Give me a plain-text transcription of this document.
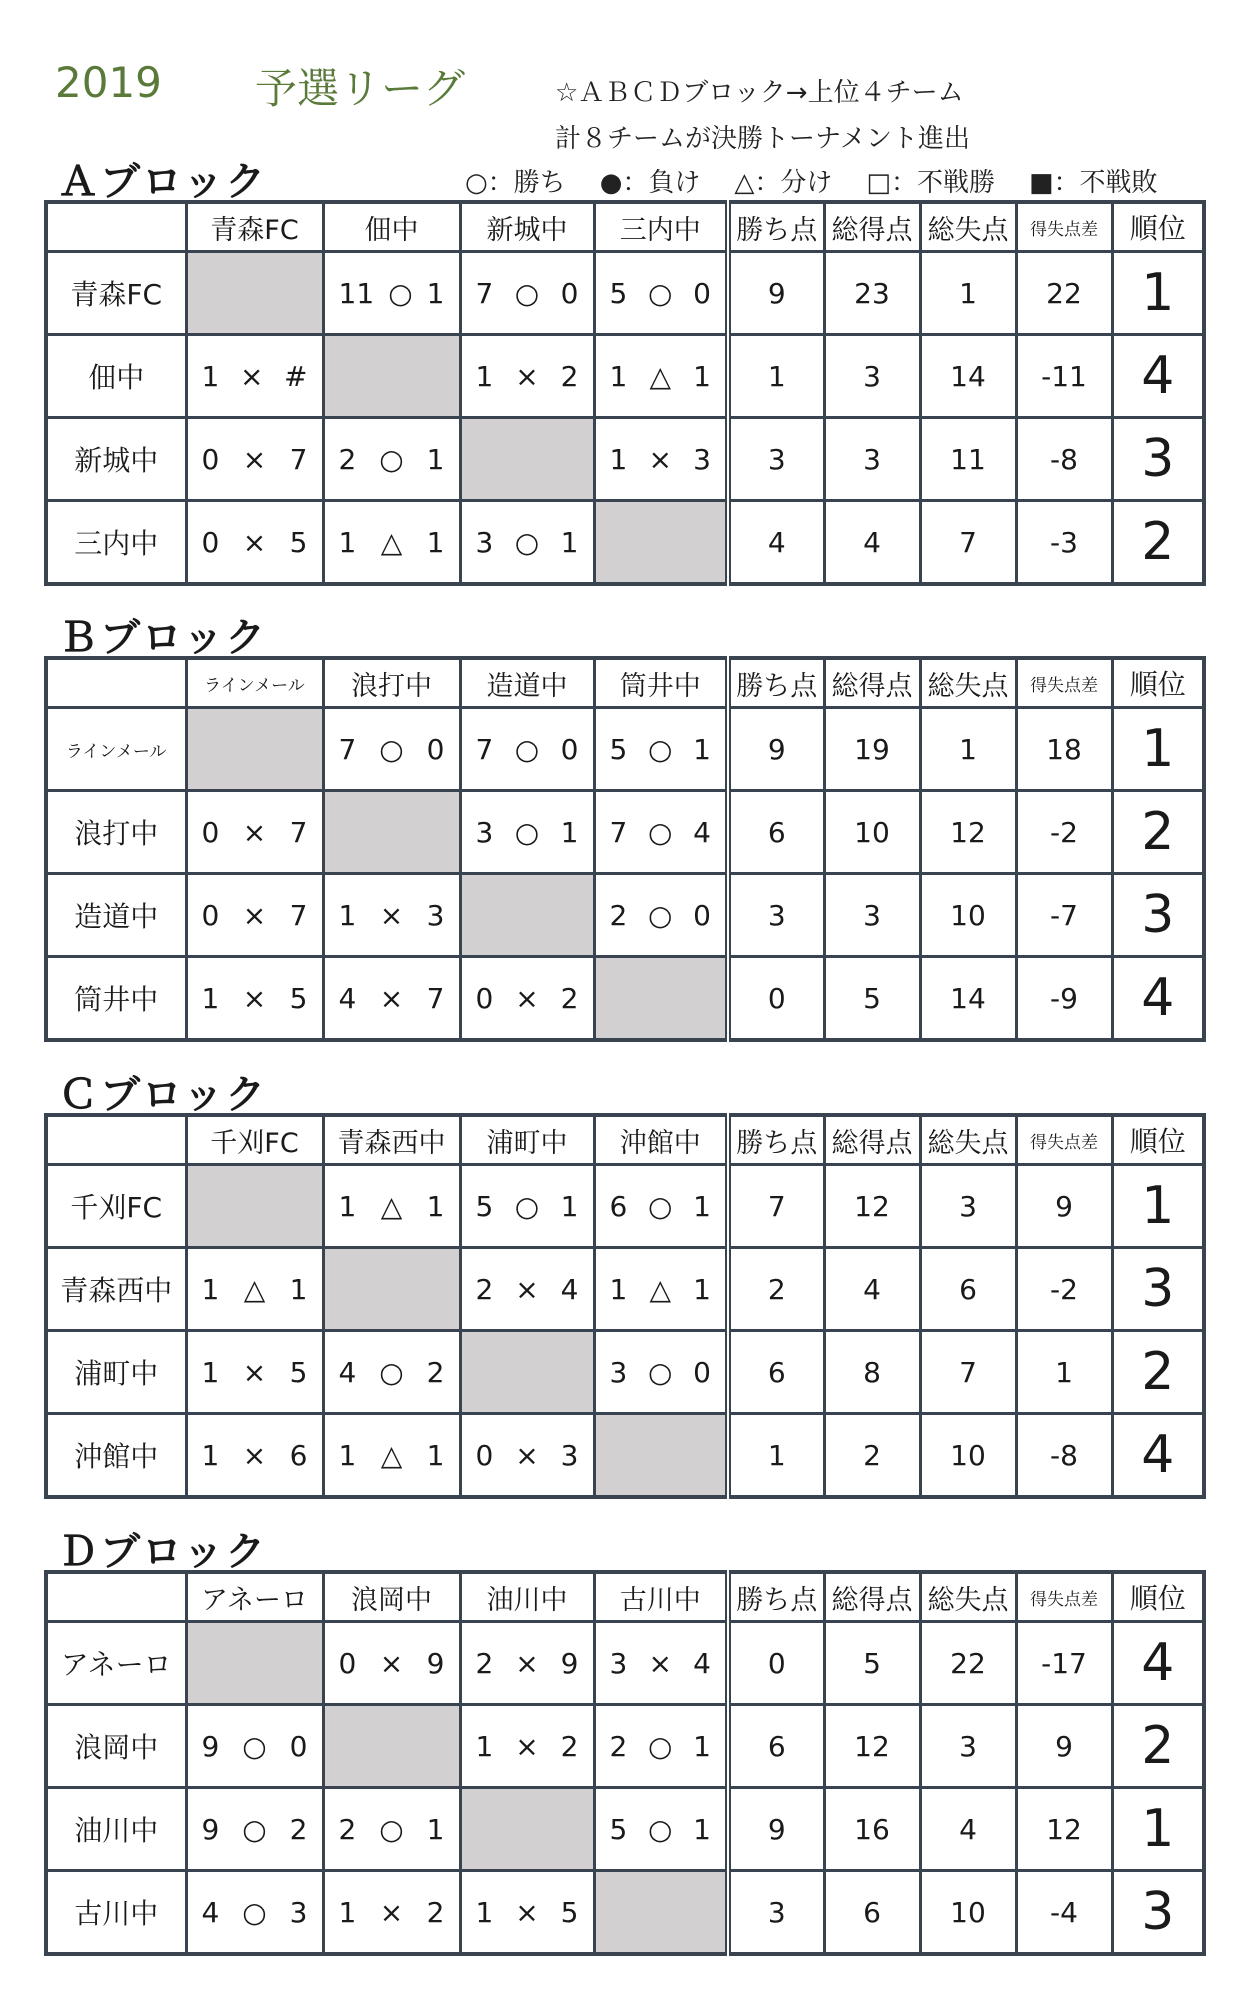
2019 予選リーグ	☆ＡＢＣＤブロック→上位４チーム
計８チームが決勝トーナメント進出
○：勝ち ●：負け △：分け □：不戦勝 ■：不戦敗
Ａブロック
	青森FC	佃中	新城中	三内中	勝ち点	総得点	総失点	得失点差	順位
青森FC		11 ○ 1	7 ○ 0	5 ○ 0	9	23	1	22	1
佃中	1 × #		1 × 2	1 △ 1	1	3	14	-11	4
新城中	0 × 7	2 ○ 1		1 × 3	3	3	11	-8	3
三内中	0 × 5	1 △ 1	3 ○ 1		4	4	7	-3	2
Ｂブロック
	ラインメール	浪打中	造道中	筒井中	勝ち点	総得点	総失点	得失点差	順位
ラインメール		7 ○ 0	7 ○ 0	5 ○ 1	9	19	1	18	1
浪打中	0 × 7		3 ○ 1	7 ○ 4	6	10	12	-2	2
造道中	0 × 7	1 × 3		2 ○ 0	3	3	10	-7	3
筒井中	1 × 5	4 × 7	0 × 2		0	5	14	-9	4
Ｃブロック
	千刈FC	青森西中	浦町中	沖館中	勝ち点	総得点	総失点	得失点差	順位
千刈FC		1 △ 1	5 ○ 1	6 ○ 1	7	12	3	9	1
青森西中	1 △ 1		2 × 4	1 △ 1	2	4	6	-2	3
浦町中	1 × 5	4 ○ 2		3 ○ 0	6	8	7	1	2
沖館中	1 × 6	1 △ 1	0 × 3		1	2	10	-8	4
Ｄブロック
	アネーロ	浪岡中	油川中	古川中	勝ち点	総得点	総失点	得失点差	順位
アネーロ		0 × 9	2 × 9	3 × 4	0	5	22	-17	4
浪岡中	9 ○ 0		1 × 2	2 ○ 1	6	12	3	9	2
油川中	9 ○ 2	2 ○ 1		5 ○ 1	9	16	4	12	1
古川中	4 ○ 3	1 × 2	1 × 5		3	6	10	-4	3
